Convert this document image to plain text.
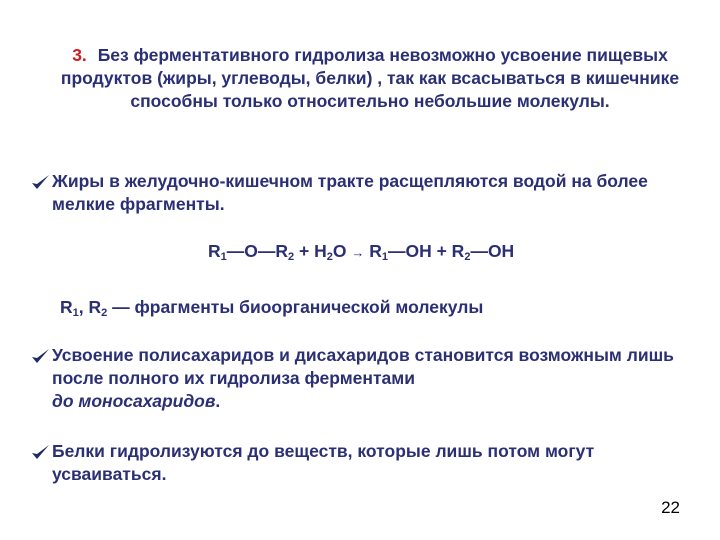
3. Без ферментативного гидролиза невозможно усвоение пищевых продуктов (жиры, углеводы, белки) , так как всасываться в кишечнике способны только относительно небольшие молекулы.
Жиры в желудочно-кишечном тракте расщепляются водой на более мелкие фрагменты.
$R_1—O—R_2 + H_2O$ → $R_1—OH$ + $R_2—OH$
$R_1$, $R_2$ — фрагменты биоорганической молекулы
Усвоение полисахаридов и дисахаридов становится возможным лишь после полного их гидролиза ферментами
до моносахаридов.
Белки гидролизуются до веществ, которые лишь потом могут усваиваться.
22
